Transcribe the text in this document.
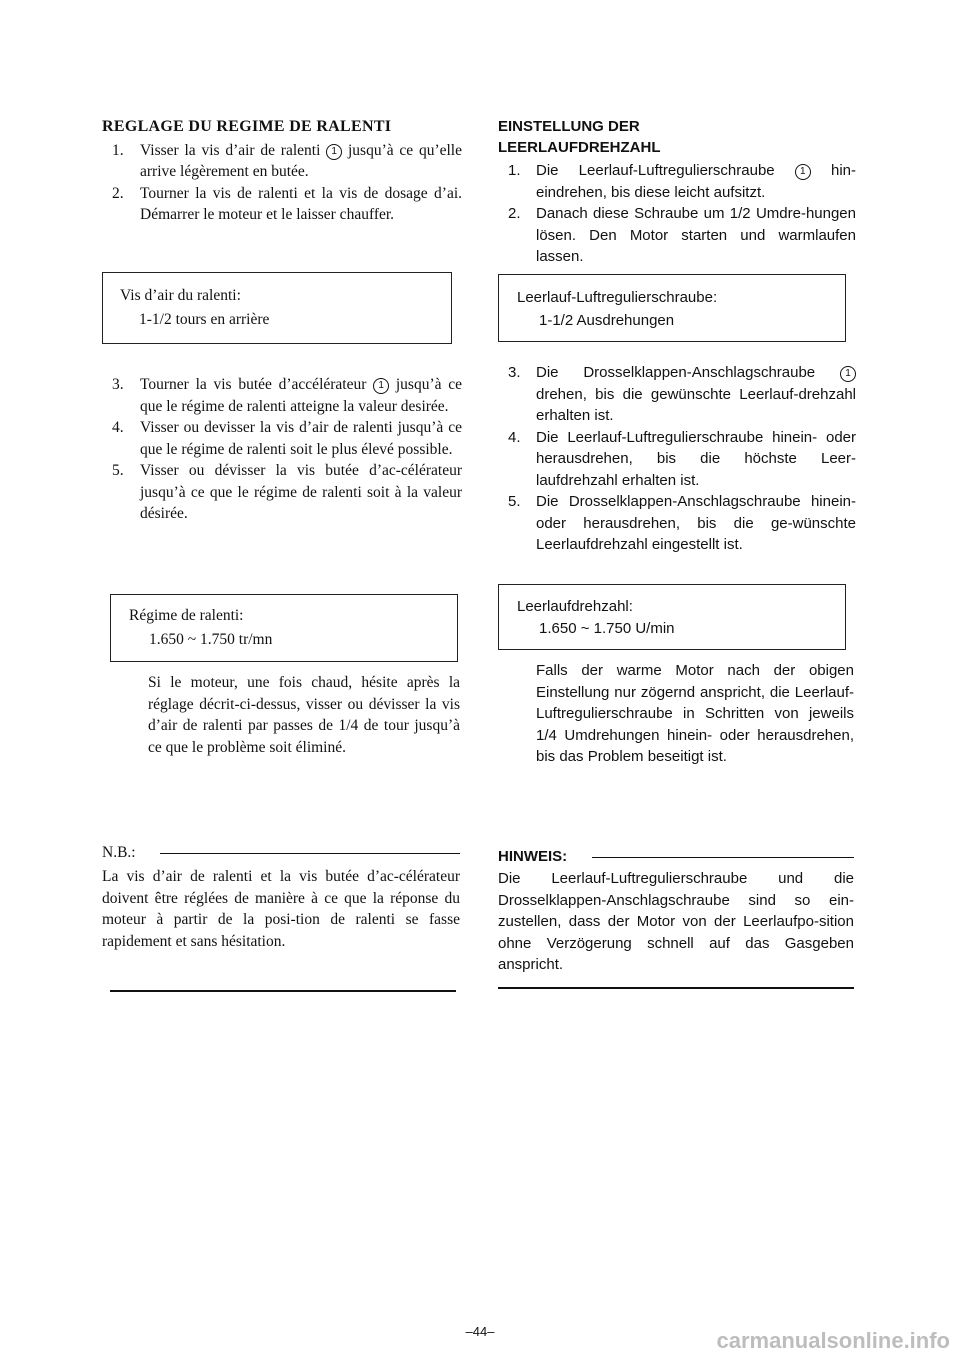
REGLAGE DU REGIME DE RALENTI
1. Visser la vis d’air de ralenti 1 jusqu’à ce qu’elle arrive légèrement en butée.
2. Tourner la vis de ralenti et la vis de dosage d’ai. Démarrer le moteur et le laisser chauffer.
Vis d’air du ralenti:
1-1/2 tours en arrière
3. Tourner la vis butée d’accélérateur 1 jusqu’à ce que le régime de ralenti atteigne la valeur desirée.
4. Visser ou devisser la vis d’air de ralenti jusqu’à ce que le régime de ralenti soit le plus élevé possible.
5. Visser ou dévisser la vis butée d’ac-célérateur jusqu’à ce que le régime de ralenti soit à la valeur désirée.
Régime de ralenti:
1.650 ~ 1.750 tr/mn
Si le moteur, une fois chaud, hésite après la réglage décrit-ci-dessus, visser ou dévisser la vis d’air de ralenti par passes de 1/4 de tour jusqu’à ce que le problème soit éliminé.
N.B.:
La vis d’air de ralenti et la vis butée d’ac-célérateur doivent être réglées de manière à ce que la réponse du moteur à partir de la posi-tion de ralenti se fasse rapidement et sans hésitation.
EINSTELLUNG DER
LEERLAUFDREHZAHL
1. Die Leerlauf-Luftregulierschraube 1 hin-eindrehen, bis diese leicht aufsitzt.
2. Danach diese Schraube um 1/2 Umdre-hungen lösen. Den Motor starten und warmlaufen lassen.
Leerlauf-Luftregulierschraube:
1-1/2 Ausdrehungen
3. Die Drosselklappen-Anschlagschraube 1 drehen, bis die gewünschte Leerlauf-drehzahl erhalten ist.
4. Die Leerlauf-Luftregulierschraube hinein- oder herausdrehen, bis die höchste Leer-laufdrehzahl erhalten ist.
5. Die Drosselklappen-Anschlagschraube hinein- oder herausdrehen, bis die ge-wünschte Leerlaufdrehzahl eingestellt ist.
Leerlaufdrehzahl:
1.650 ~ 1.750 U/min
Falls der warme Motor nach der obigen Einstellung nur zögernd anspricht, die Leerlauf-Luftregulierschraube in Schritten von jeweils 1/4 Umdrehungen hinein- oder herausdrehen, bis das Problem beseitigt ist.
HINWEIS:
Die Leerlauf-Luftregulierschraube und die Drosselklappen-Anschlagschraube sind so ein-zustellen, dass der Motor von der Leerlaufpo-sition ohne Verzögerung schnell auf das Gasgeben anspricht.
–44–	carmanualsonline.info
